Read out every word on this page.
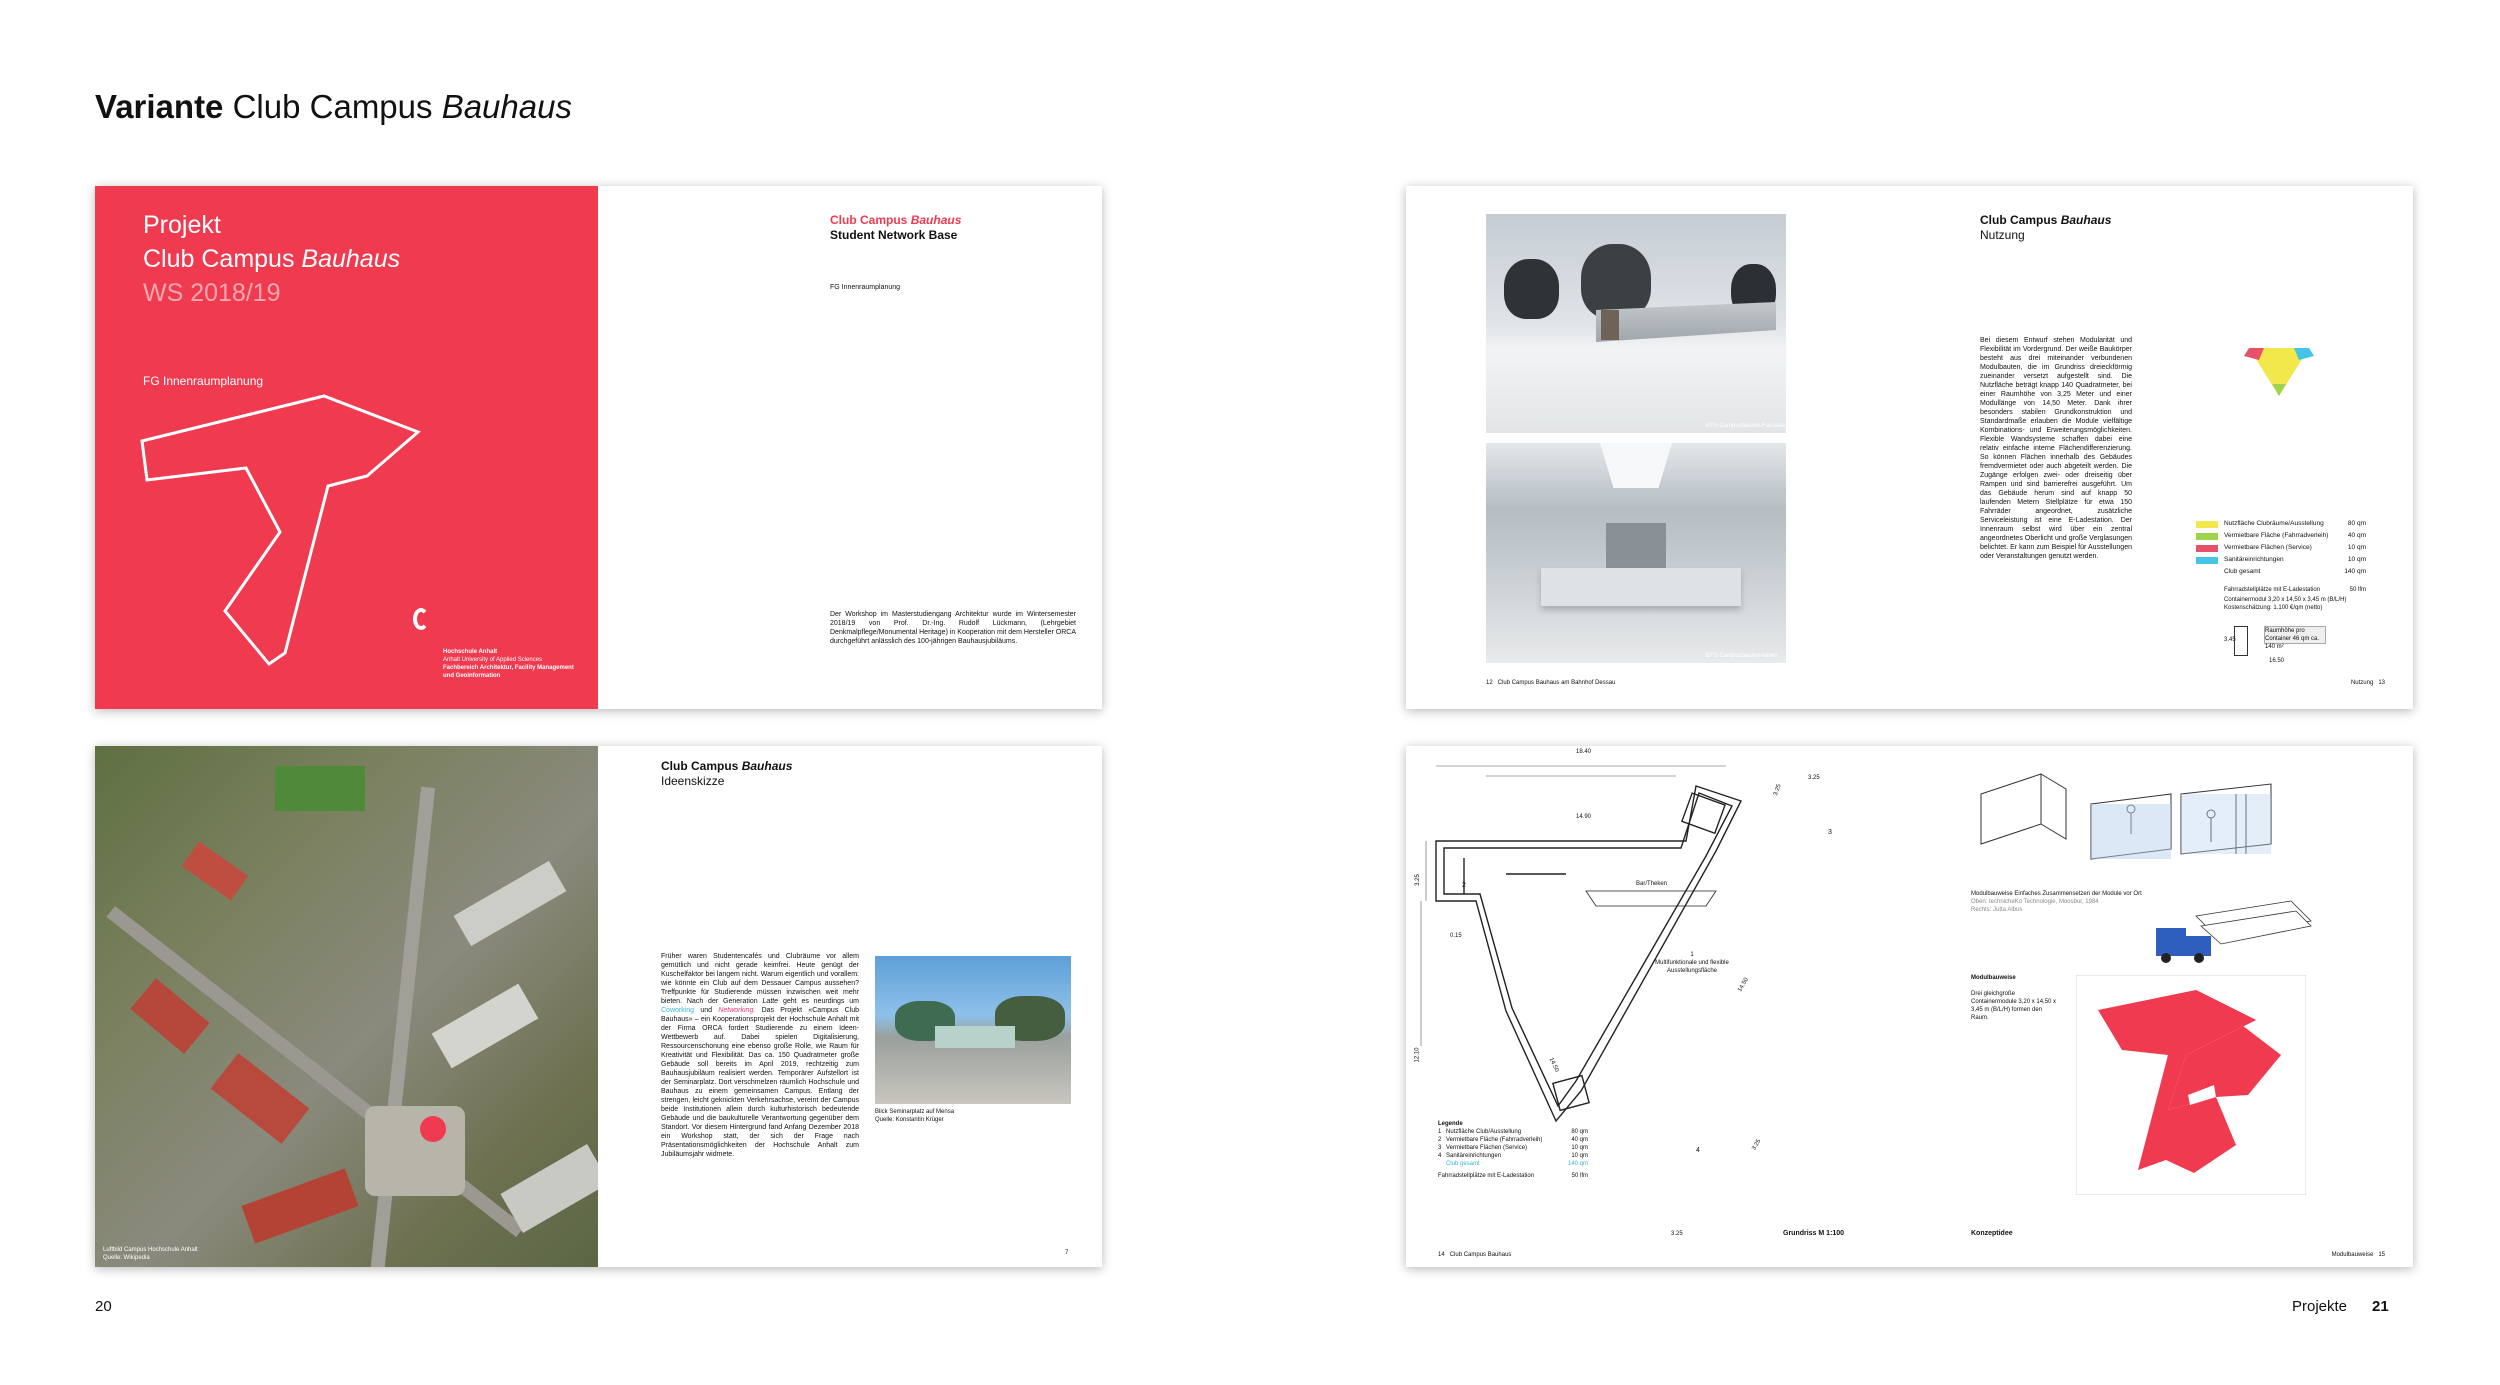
Variante Club Campus Bauhaus
Projekt
Club Campus Bauhaus
WS 2018/19
FG Innenraumplanung
Hochschule Anhalt
Anhalt University of Applied Sciences
Fachbereich Architektur, Facility Management
und Geoinformation
Club Campus Bauhaus
Student Network Base
FG Innenraumplanung
Der Workshop im Masterstudiengang Architektur wurde im Wintersemester 2018/19 von Prof. Dr.-Ing. Rudolf Lückmann, (Lehrgebiet Denkmalpflege/Monumental Heritage) in Kooperation mit dem Hersteller ORCA durchgeführt anlässlich des 100-jährigen Bauhausjubiläums.
BTS Campusbauten-Fassade
BTS Campusbauten-Innen
Club Campus Bauhaus
Nutzung
Bei diesem Entwurf stehen Modularität und Flexibilität im Vordergrund. Der weiße Baukörper besteht aus drei miteinander verbundenen Modulbauten, die im Grundriss dreieckförmig zueinander versetzt aufgestellt sind. Die Nutzfläche beträgt knapp 140 Quadratmeter, bei einer Raumhöhe von 3,25 Meter und einer Modullänge von 14,50 Meter. Dank ihrer besonders stabilen Grundkonstruktion und Standardmaße erlauben die Module vielfältige Kombinations- und Erweiterungsmöglichkeiten. Flexible Wandsysteme schaffen dabei eine relativ einfache interne Flächendifferenzierung. So können Flächen innerhalb des Gebäudes fremdvermietet oder auch abgeteilt werden. Die Zugänge erfolgen zwei- oder dreiseitig über Rampen und sind barrierefrei ausgeführt. Um das Gebäude herum sind auf knapp 50 laufenden Metern Stellplätze für etwa 150 Fahrräder angeordnet, zusätzliche Serviceleistung ist eine E-Ladestation. Der Innenraum selbst wird über ein zentral angeordnetes Oberlicht und große Verglasungen belichtet. Er kann zum Beispiel für Ausstellungen oder Veranstaltungen genutzt werden.
Nutzfläche Clubräume/Ausstellung	80 qm
Vermietbare Fläche (Fahrradverleih)	40 qm
Vermietbare Flächen (Service)	10 qm
Sanitäreinrichtungen	10 qm
Club gesamt	140 qm
Fahrradstellplätze mit E-Ladestation	50 lfm
Containermodul 3,20 x 14,50 x 3,45 m (B/L/H)
Kostenschätzung: 1.100 €/qm (netto)
3.45
Raumhöhe pro Container 46 qm ca. 140 m²
16.50
12 Club Campus Bauhaus am Bahnhof Dessau	Nutzung 13
Luftbild Campus Hochschule Anhalt
Quelle: Wikipedia
Club Campus Bauhaus
Ideenskizze
Früher waren Studentencafés und Clubräume vor allem gemütlich und nicht gerade keimfrei. Heute genügt der Kuschelfaktor bei langem nicht. Warum eigentlich und vorallem: wie könnte ein Club auf dem Dessauer Campus aussehen? Treffpunkte für Studierende müssen inzwischen weit mehr bieten. Nach der Generation Latte geht es neurdings um Coworking und Networking. Das Projekt «Campus Club Bauhaus» – ein Kooperationsprojekt der Hochschule Anhalt mit der Firma ORCA fordert Studierende zu einem Ideen-Wettbewerb auf. Dabei spielen Digitalisierung, Ressourcenschonung eine ebenso große Rolle, wie Raum für Kreativität und Flexibilität. Das ca. 150 Quadratmeter große Gebäude soll bereits im April 2019, rechtzeitig zum Bauhausjubiläum realisiert werden. Temporärer Aufstellort ist der Seminarplatz. Dort verschmelzen räumlich Hochschule und Bauhaus zu einem gemeinsamen Campus. Entlang der strengen, leicht geknickten Verkehrsachse, vereint der Campus beide Institutionen allein durch kulturhistorisch bedeutende Gebäude und die baukulturelle Verantwortung gegenüber dem Standort. Vor diesem Hintergrund fand Anfang Dezember 2018 ein Workshop statt, der sich der Frage nach Präsentationsmöglichkeiten der Hochschule Anhalt zum Jubiläumsjahr widmete.
Blick Seminarplatz auf Mensa
Quelle: Konstantin Krüger
7
18.40
14.90
3.25
12.10
0.15
3.25
3.25
14.50
14.50
3.25
3.25
2
3
4
Bar/Theken
1
Multifunktionale und flexible
Ausstellungsfläche
Legende
1 Nutzfläche Club/Ausstellung	80 qm
2 Vermietbare Fläche (Fahrradverleih)	40 qm
3 Vermietbare Flächen (Service)	10 qm
4 Sanitäreinrichtungen	10 qm
Club gesamt	140 qm
Fahrradstellplätze mit E-Ladestation	50 lfm
Grundriss M 1:100
Modulbauweise Einfaches Zusammensetzen der Module vor Ort
Oben: technicheKo Technologie, Moosbur, 1984
Rechts: Jutta Albus
Modulbauweise
Drei gleichgroße Containermodule 3,20 x 14,50 x 3,45 m (B/L/H) formen den Raum.
Konzeptidee
14 Club Campus Bauhaus	Modulbauweise 15
20	Projekte 21
